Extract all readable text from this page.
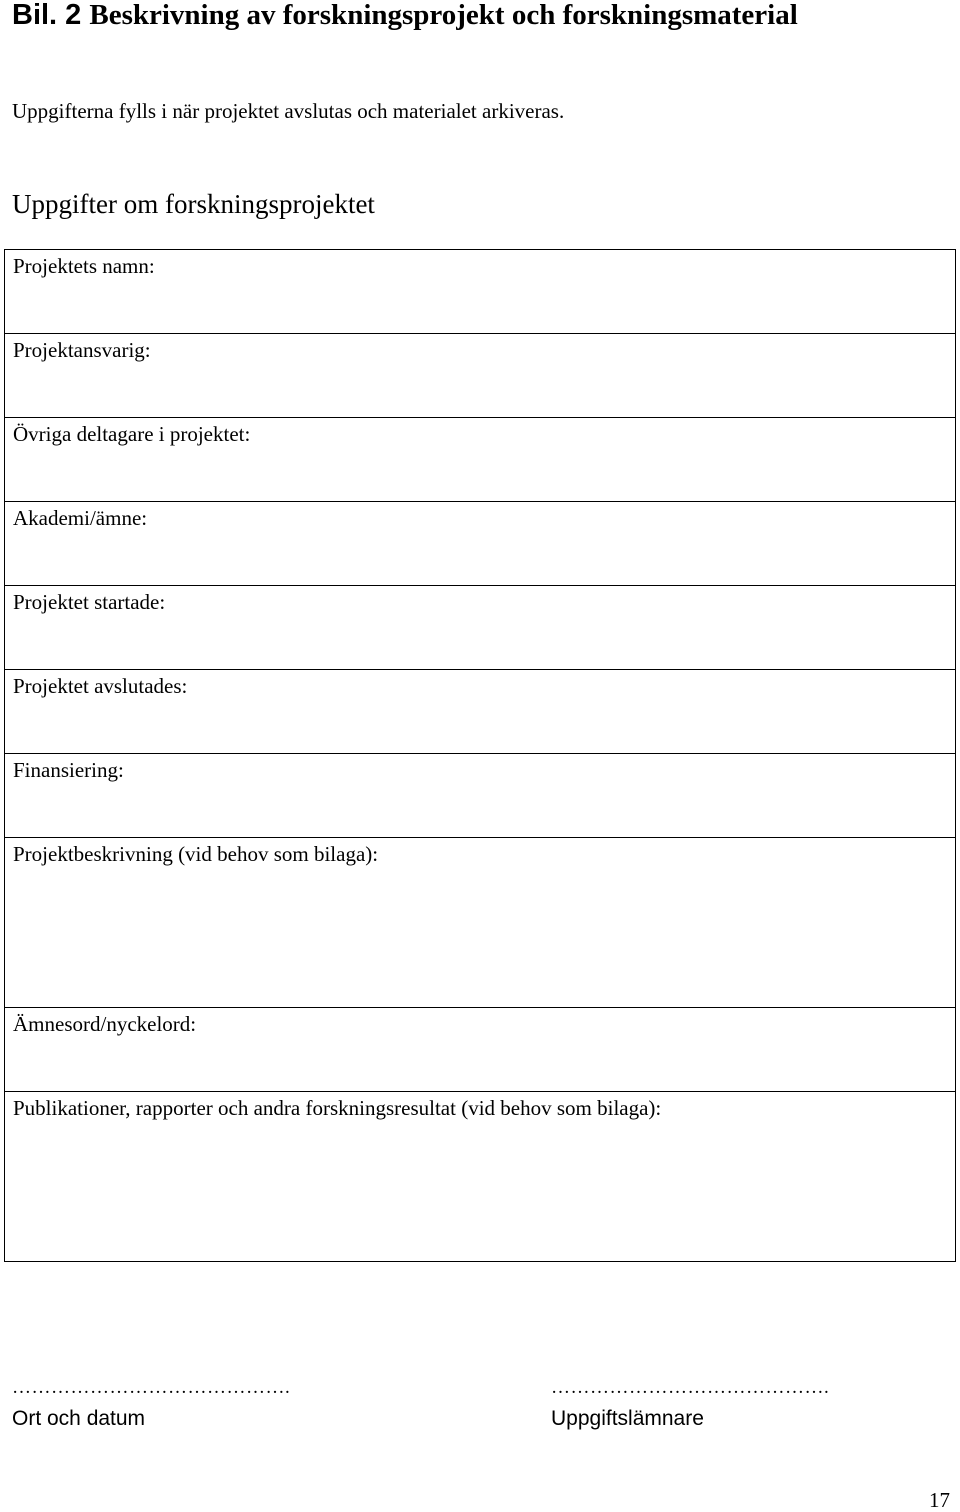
Bil. 2 Beskrivning av forskningsprojekt och forskningsmaterial

Uppgifterna fylls i när projektet avslutas och materialet arkiveras.

Uppgifter om forskningsprojektet
Projektets namn:

Projektansvarig:

Övriga deltagare i projektet:

Akademi/ämne:

Projektet startade:

Projektet avslutades:

Finansiering:

Projektbeskrivning (vid behov som bilaga):

Ämnesord/nyckelord:

Publikationer, rapporter och andra forskningsresultat (vid behov som bilaga):
…………………………………….
Ort och datum
…………………………………….
Uppgiftslämnare
17
